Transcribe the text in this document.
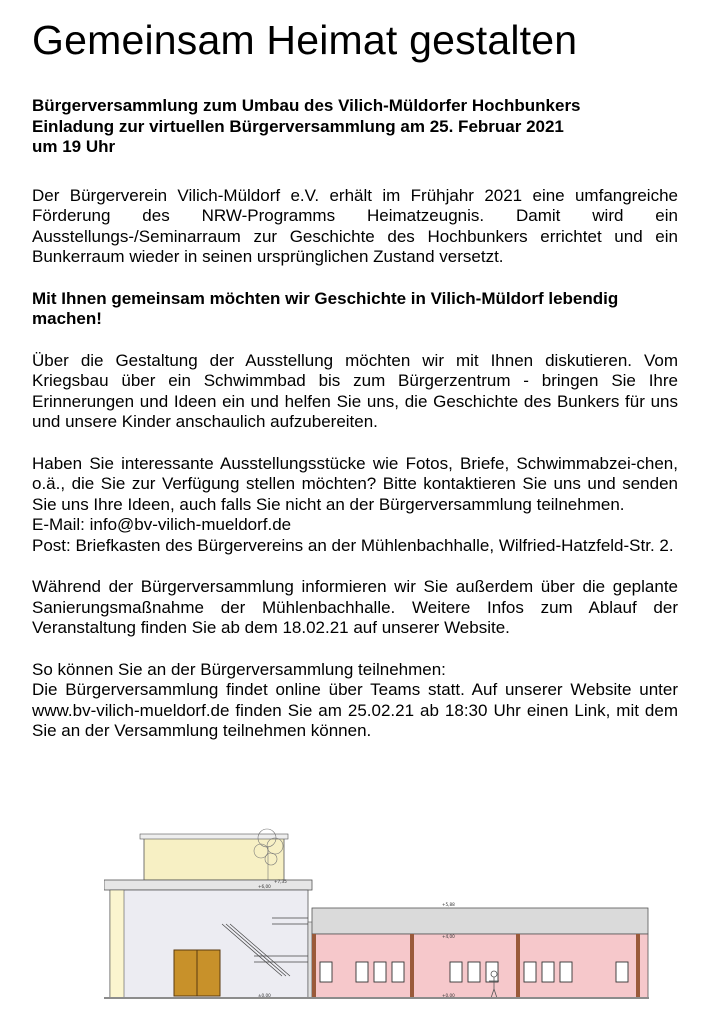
Gemeinsam Heimat gestalten
Bürgerversammlung zum Umbau des Vilich-Müldorfer Hochbunkers
Einladung zur virtuellen Bürgerversammlung am 25. Februar 2021
um 19 Uhr

Der Bürgerverein Vilich-Müldorf e.V. erhält im Frühjahr 2021 eine umfangreiche Förderung des NRW-Programms Heimatzeugnis. Damit wird ein Ausstellungs-/Seminarraum zur Geschichte des Hochbunkers errichtet und ein Bunkerraum wieder in seinen ursprünglichen Zustand versetzt.

Mit Ihnen gemeinsam möchten wir Geschichte in Vilich-Müldorf lebendig machen!

Über die Gestaltung der Ausstellung möchten wir mit Ihnen diskutieren. Vom Kriegsbau über ein Schwimmbad bis zum Bürgerzentrum - bringen Sie Ihre Erinnerungen und Ideen ein und helfen Sie uns, die Geschichte des Bunkers für uns und unsere Kinder anschaulich aufzubereiten.

Haben Sie interessante Ausstellungsstücke wie Fotos, Briefe, Schwimmabzei-chen, o.ä., die Sie zur Verfügung stellen möchten? Bitte kontaktieren Sie uns und senden Sie uns Ihre Ideen, auch falls Sie nicht an der Bürgerversammlung teilnehmen.

E-Mail: info@bv-vilich-mueldorf.de

Post: Briefkasten des Bürgervereins an der Mühlenbachhalle, Wilfried-Hatzfeld-Str. 2.

Während der Bürgerversammlung informieren wir Sie außerdem über die geplante Sanierungsmaßnahme der Mühlenbachhalle. Weitere Infos zum Ablauf der Veranstaltung finden Sie ab dem 18.02.21 auf unserer Website.

So können Sie an der Bürgerversammlung teilnehmen:

Die Bürgerversammlung findet online über Teams statt. Auf unserer Website unter www.bv-vilich-mueldorf.de finden Sie am 25.02.21 ab 18:30 Uhr einen Link, mit dem Sie an der Versammlung teilnehmen können.

+5,88
+4,00
+0,00
±0,00
+7,35
+6,00
